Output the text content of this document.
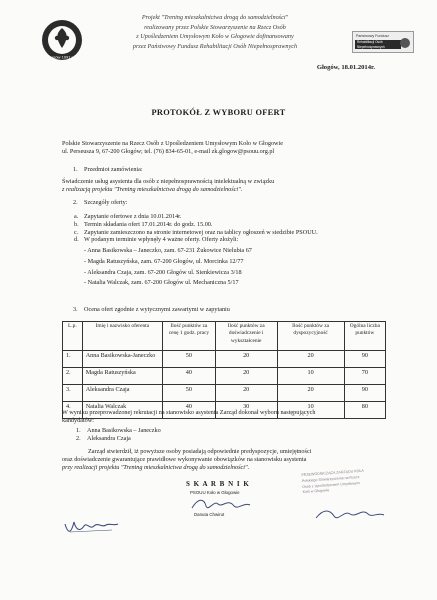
Głogów 1991 rok
Projekt "Trening mieszkalnictwa drogą do samodzielności"
realizowany przez Polskie Stowarzyszenie na Rzecz Osób
z Upośledzeniem Umysłowym Koło w Głogowie dofinansowany
przez Państwowy Fundusz Rehabilitacji Osób Niepełnosprawnych
Państwowy Fundusz
Rehabilitacji Osób Niepełnosprawnych
Głogów, 18.01.2014r.
PROTOKÓŁ Z WYBORU OFERT
Polskie Stowarzyszenie na Rzecz Osób z Upośledzeniem Umysłowym Koło w Głogowie
ul. Perseusza 9, 67-200 Głogów; tel. (76) 834-65-01, e-mail zk.glogow@psouu.org.pl
1. Przedmiot zamówienia:
Świadczenie usług asystenta dla osób z niepełnosprawnością intelektualną w związku
z realizacją projektu "Trening mieszkalnictwa drogą do samodzielności".
2. Szczegóły oferty:
a. Zapytanie ofertowe z dnia 10.01.2014r.
b. Termin składania ofert 17.01.2014r. do godz. 15.00.
c. Zapytanie zamieszczono na stronie internetowej oraz na tablicy ogłoszeń w siedzibie PSOUU.
d. W podanym terminie wpłynęły 4 ważne oferty. Oferty złożyli:
- Anna Basikowska – Janeczko, zam. 67-231 Żukowice Nielubia 67
- Magda Ratuszyńska, zam. 67-200 Głogów, ul. Morcinka 12/77
- Aleksandra Czaja, zam. 67-200 Głogów ul. Sienkiewicza 3/18
- Natalia Walczak, zam. 67-200 Głogów ul. Mechaniczna 5/17
3. Ocena ofert zgodnie z wytycznymi zawartymi w zapytaniu
L.p.	Imię i nazwisko oferenta	Ilość punktów za cenę 1 godz. pracy	Ilość punktów za doświadczenie i wykształcenie	Ilość punktów za dyspozycyjność	Ogólna liczba punktów
1.	Anna Basikowska-Janeczko	50	20	20	90
2.	Magda Ratuszyńska	40	20	10	70
3.	Aleksandra Czaja	50	20	20	90
4.	Natalia Walczak	40	30	10	80
W wyniku przeprowadzonej rekrutacji na stanowisko asystenta Zarząd dokonał wyboru następujących
kandydatów:
1. Anna Basikowska – Janeczko
2. Aleksandra Czaja
Zarząd stwierdził, iż powyższe osoby posiadają odpowiednie predyspozycje, umiejętności
oraz doświadczenie gwarantujące prawidłowe wykonywanie obowiązków na stanowisku asystenta
przy realizacji projektu "Trening mieszkalnictwa drogą do samodzielności".
S K A R B N I K
PSOUU Koło w Głogowie
Danuta Chwirut
PRZEWODNICZĄCA ZARZĄDU KOŁA
Polskiego Stowarzyszenia na Rzecz
Osób z Upośledzeniem Umysłowym
Koło w Głogowie
